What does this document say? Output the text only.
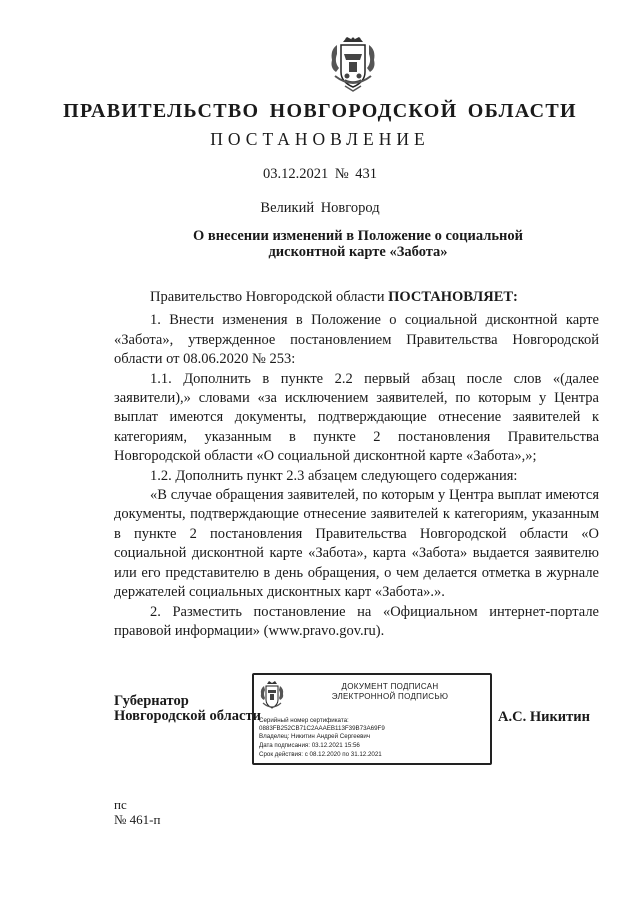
ПРАВИТЕЛЬСТВО НОВГОРОДСКОЙ ОБЛАСТИ
ПОСТАНОВЛЕНИЕ
03.12.2021 № 431
Великий Новгород
О внесении изменений в Положение о социальной
дисконтной карте «Забота»

Правительство Новгородской области ПОСТАНОВЛЯЕТ:

1. Внести изменения в Положение о социальной дисконтной карте «Забота», утвержденное постановлением Правительства Новгородской области от 08.06.2020 № 253:

1.1. Дополнить в пункте 2.2 первый абзац после слов «(далее заявители),» словами «за исключением заявителей, по которым у Центра выплат имеются документы, подтверждающие отнесение заявителей к категориям, указанным в пункте 2 постановления Правительства Новгородской области «О социальной дисконтной карте «Забота»,»;

1.2. Дополнить пункт 2.3 абзацем следующего содержания:

«В случае обращения заявителей, по которым у Центра выплат имеются документы, подтверждающие отнесение заявителей к категориям, указанным в пункте 2 постановления Правительства Новгородской области «О социальной дисконтной карте «Забота», карта «Забота» выдается заявителю или его представителю в день обращения, о чем делается отметка в журнале держателей социальных дисконтных карт «Забота».».

2. Разместить постановление на «Официальном интернет-портале правовой информации» (www.pravo.gov.ru).

Губернатор
Новгородской области
ДОКУМЕНТ ПОДПИСАН
ЭЛЕКТРОННОЙ ПОДПИСЬЮ
Серийный номер сертификата:
0883FB252CB71C2AAAEB113F39B73A69F9
Владелец: Никитин Андрей Сергеевич
Дата подписания: 03.12.2021 15:56
Срок действия: с 08.12.2020 по 31.12.2021
А.С. Никитин
пс
№ 461-п
